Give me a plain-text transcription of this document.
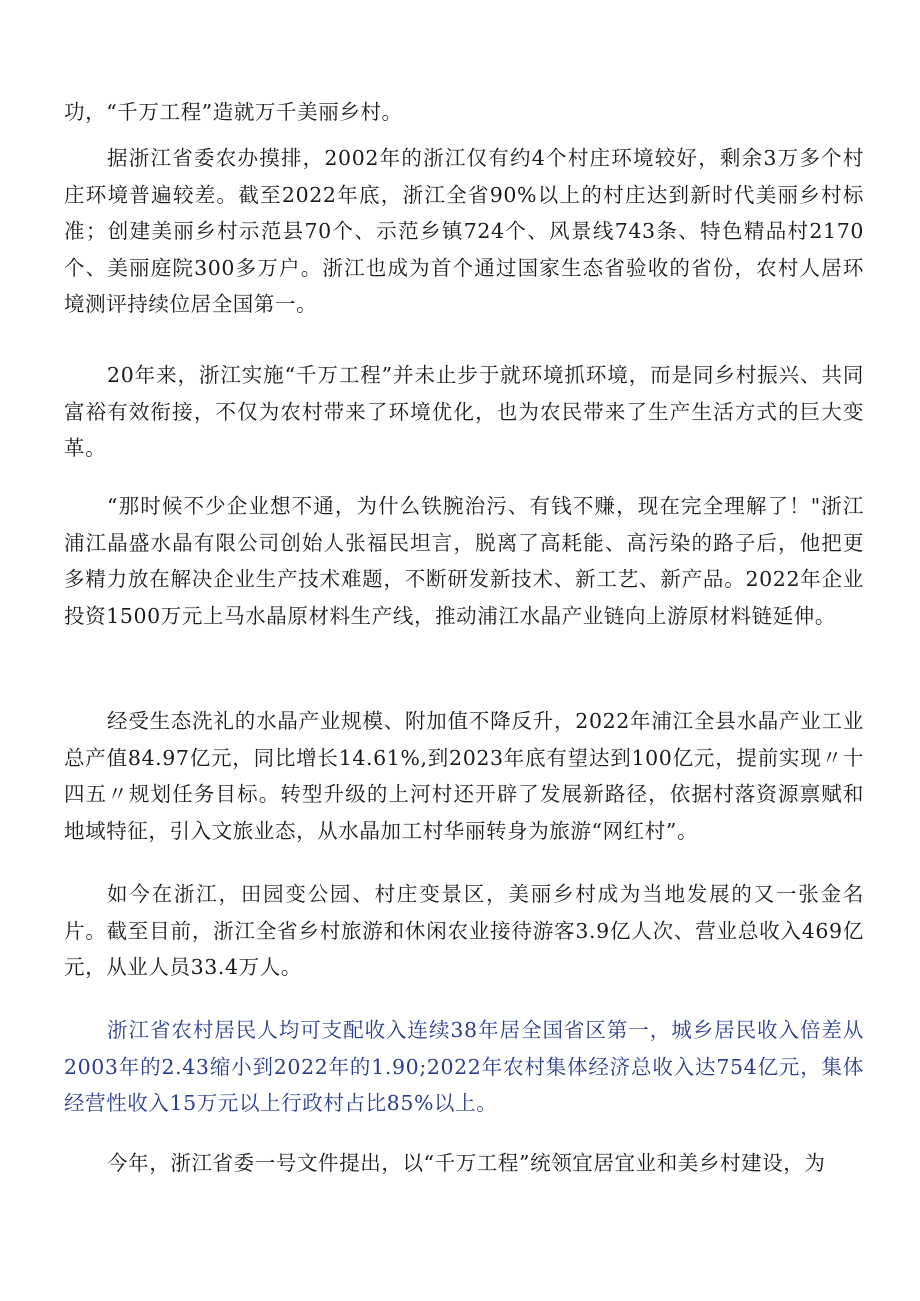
功，“千万工程”造就万千美丽乡村。

据浙江省委农办摸排，2002年的浙江仅有约4个村庄环境较好，剩余3万多个村庄环境普遍较差。截至2022年底，浙江全省90%以上的村庄达到新时代美丽乡村标准；创建美丽乡村示范县70个、示范乡镇724个、风景线743条、特色精品村2170个、美丽庭院300多万户。浙江也成为首个通过国家生态省验收的省份，农村人居环境测评持续位居全国第一。

20年来，浙江实施“千万工程”并未止步于就环境抓环境，而是同乡村振兴、共同富裕有效衔接，不仅为农村带来了环境优化，也为农民带来了生产生活方式的巨大变革。

“那时候不少企业想不通，为什么铁腕治污、有钱不赚，现在完全理解了！"浙江浦江晶盛水晶有限公司创始人张福民坦言，脱离了高耗能、高污染的路子后，他把更多精力放在解决企业生产技术难题，不断研发新技术、新工艺、新产品。2022年企业投资1500万元上马水晶原材料生产线，推动浦江水晶产业链向上游原材料链延伸。

经受生态洗礼的水晶产业规模、附加值不降反升，2022年浦江全县水晶产业工业总产值84.97亿元，同比增长14.61%,到2023年底有望达到100亿元，提前实现〃十四五〃规划任务目标。转型升级的上河村还开辟了发展新路径，依据村落资源禀赋和地域特征，引入文旅业态，从水晶加工村华丽转身为旅游“网红村”。

如今在浙江，田园变公园、村庄变景区，美丽乡村成为当地发展的又一张金名片。截至目前，浙江全省乡村旅游和休闲农业接待游客3.9亿人次、营业总收入469亿元，从业人员33.4万人。

浙江省农村居民人均可支配收入连续38年居全国省区第一，城乡居民收入倍差从2003年的2.43缩小到2022年的1.90;2022年农村集体经济总收入达754亿元，集体经营性收入15万元以上行政村占比85%以上。

今年，浙江省委一号文件提出，以“千万工程”统领宜居宜业和美乡村建设，为
